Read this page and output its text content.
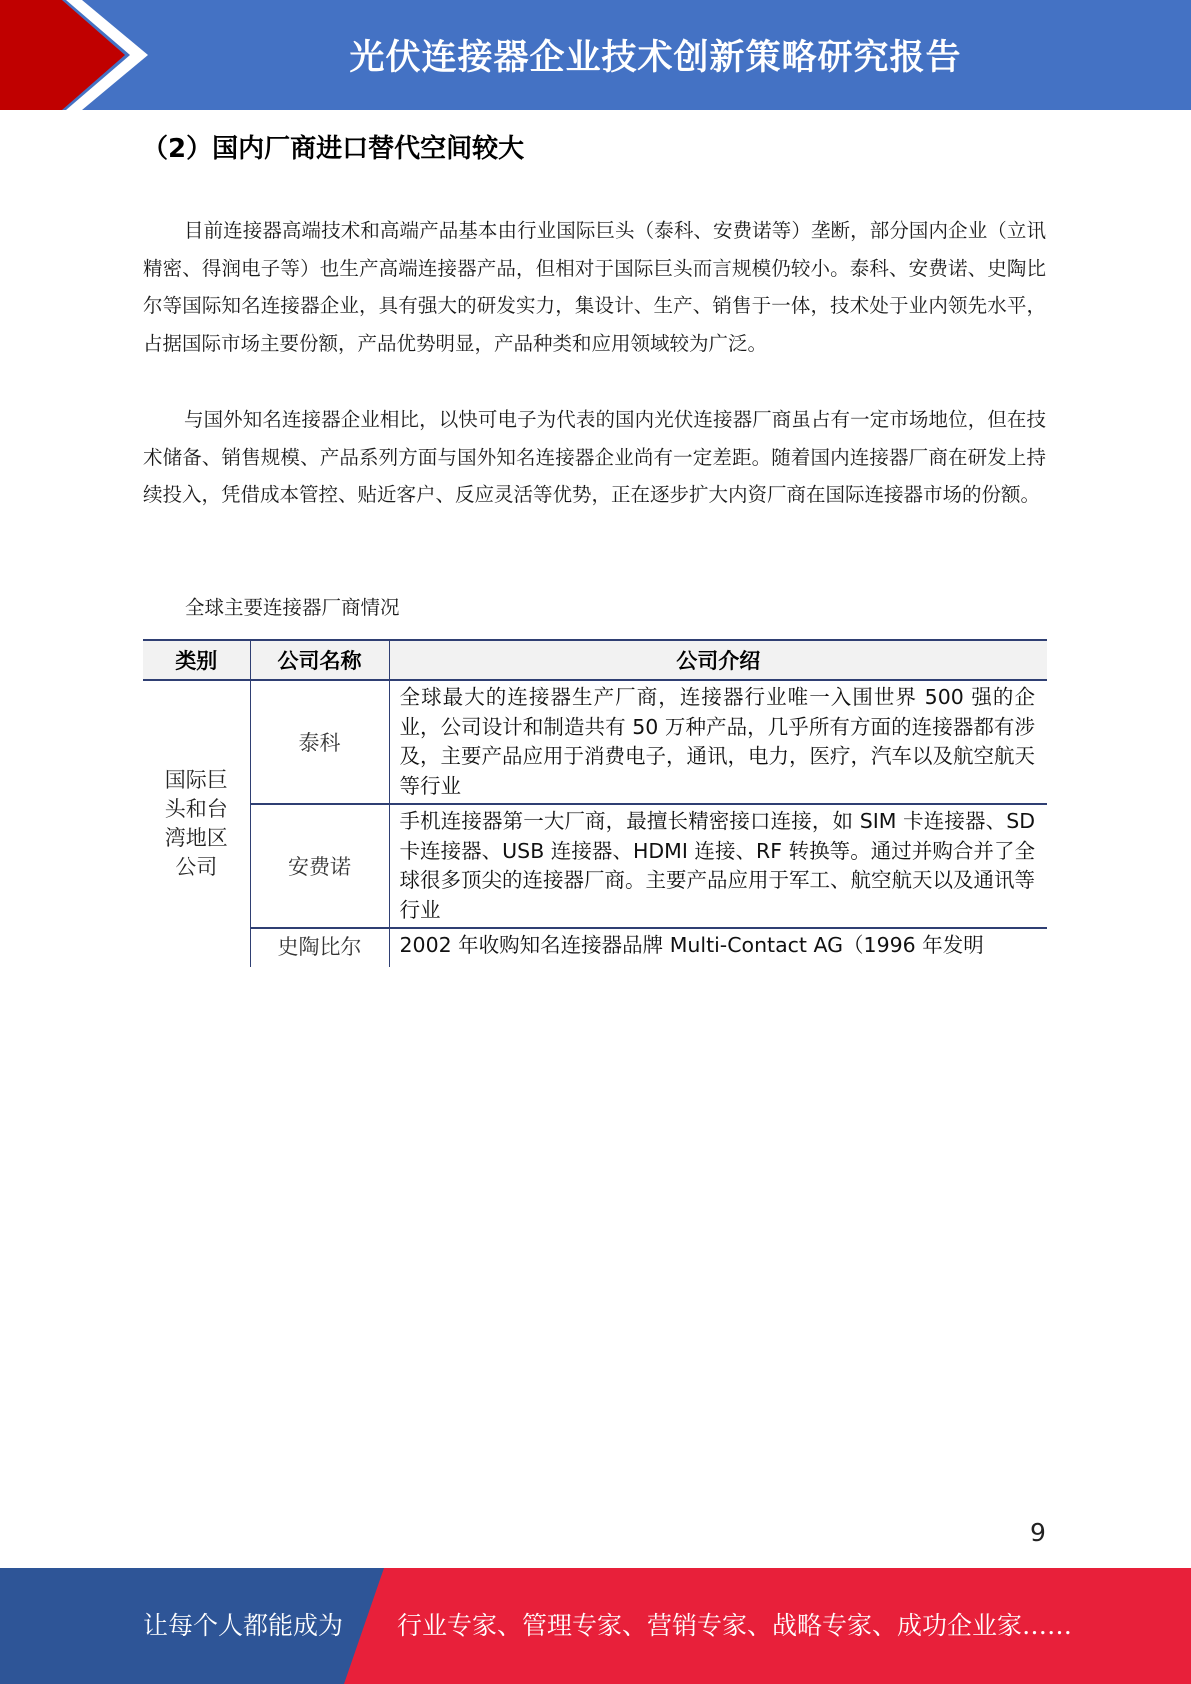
光伏连接器企业技术创新策略研究报告
（2）国内厂商进口替代空间较大

目前连接器高端技术和高端产品基本由行业国际巨头（泰科、安费诺等）垄断，部分国内企业（立讯精密、得润电子等）也生产高端连接器产品，但相对于国际巨头而言规模仍较小。泰科、安费诺、史陶比尔等国际知名连接器企业，具有强大的研发实力，集设计、生产、销售于一体，技术处于业内领先水平，占据国际市场主要份额，产品优势明显，产品种类和应用领域较为广泛。

与国外知名连接器企业相比，以快可电子为代表的国内光伏连接器厂商虽占有一定市场地位，但在技术储备、销售规模、产品系列方面与国外知名连接器企业尚有一定差距。随着国内连接器厂商在研发上持续投入，凭借成本管控、贴近客户、反应灵活等优势，正在逐步扩大内资厂商在国际连接器市场的份额。

全球主要连接器厂商情况
类别	公司名称	公司介绍
国际巨头和台湾地区公司	泰科	全球最大的连接器生产厂商，连接器行业唯一入围世界 500 强的企业，公司设计和制造共有 50 万种产品，几乎所有方面的连接器都有涉及，主要产品应用于消费电子，通讯，电力，医疗，汽车以及航空航天等行业
	安费诺	手机连接器第一大厂商，最擅长精密接口连接，如 SIM 卡连接器、SD 卡连接器、USB 连接器、HDMI 连接、RF 转换等。通过并购合并了全球很多顶尖的连接器厂商。主要产品应用于军工、航空航天以及通讯等行业
	史陶比尔	2002 年收购知名连接器品牌 Multi-Contact AG（1996 年发明
9
让每个人都能成为 行业专家、管理专家、营销专家、战略专家、成功企业家……
